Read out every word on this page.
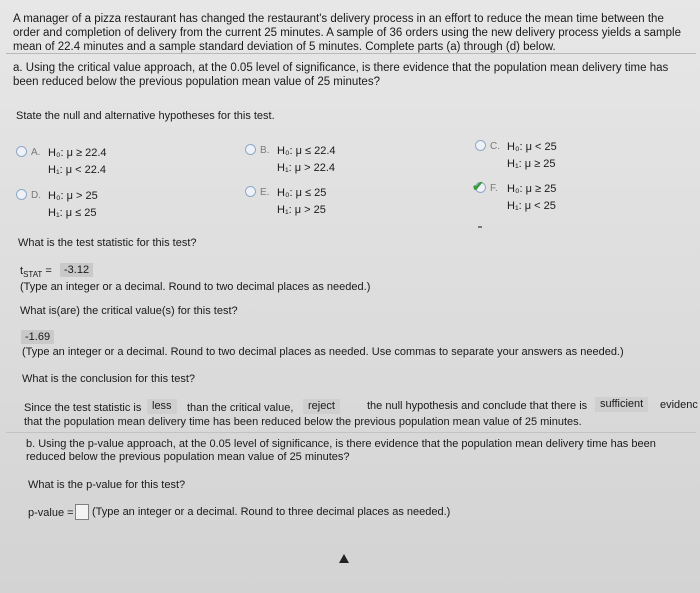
A manager of a pizza restaurant has changed the restaurant's delivery process in an effort to reduce the mean time between the order and completion of delivery from the current 25 minutes. A sample of 36 orders using the new delivery process yields a sample mean of 22.4 minutes and a sample standard deviation of 5 minutes. Complete parts (a) through (d) below.
a. Using the critical value approach, at the 0.05 level of significance, is there evidence that the population mean delivery time has been reduced below the previous population mean value of 25 minutes?
State the null and alternative hypotheses for this test.
A. H₀: μ ≥ 22.4
H₁: μ < 22.4
B. H₀: μ ≤ 22.4
H₁: μ > 22.4
C. H₀: μ < 25
H₁: μ ≥ 25
D. H₀: μ > 25
H₁: μ ≤ 25
E. H₀: μ ≤ 25
H₁: μ > 25
✔ F. H₀: μ ≥ 25
H₁: μ < 25
What is the test statistic for this test?
$t_{STAT}$ =	-3.12
(Type an integer or a decimal. Round to two decimal places as needed.)
What is(are) the critical value(s) for this test?
-1.69
(Type an integer or a decimal. Round to two decimal places as needed. Use commas to separate your answers as needed.)
What is the conclusion for this test?
Since the test statistic is less	than the critical value,	reject	the null hypothesis and conclude that there is	sufficient	evidenc
that the population mean delivery time has been reduced below the previous population mean value of 25 minutes.
b. Using the p-value approach, at the 0.05 level of significance, is there evidence that the population mean delivery time has been reduced below the previous population mean value of 25 minutes?
What is the p-value for this test?
p-value = (Type an integer or a decimal. Round to three decimal places as needed.)
